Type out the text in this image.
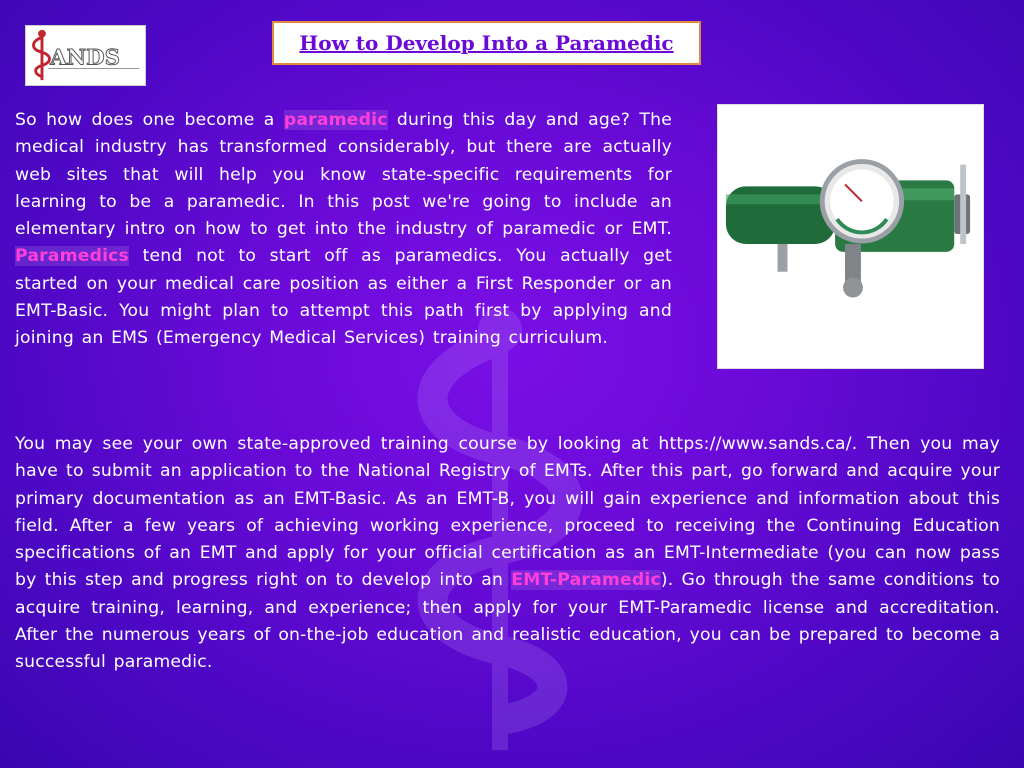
ANDS
How to Develop Into a Paramedic
So how does one become a paramedic during this day and age? The medical industry has transformed considerably, but there are actually web sites that will help you know state-specific requirements for learning to be a paramedic. In this post we're going to include an elementary intro on how to get into the industry of paramedic or EMT. Paramedics tend not to start off as paramedics. You actually get started on your medical care position as either a First Responder or an EMT-Basic. You might plan to attempt this path first by applying and joining an EMS (Emergency Medical Services) training curriculum.
You may see your own state-approved training course by looking at https://www.sands.ca/. Then you may have to submit an application to the National Registry of EMTs. After this part, go forward and acquire your primary documentation as an EMT-Basic. As an EMT-B, you will gain experience and information about this field. After a few years of achieving working experience, proceed to receiving the Continuing Education specifications of an EMT and apply for your official certification as an EMT-Intermediate (you can now pass by this step and progress right on to develop into an EMT-Paramedic). Go through the same conditions to acquire training, learning, and experience; then apply for your EMT-Paramedic license and accreditation. After the numerous years of on-the-job education and realistic education, you can be prepared to become a successful paramedic.
